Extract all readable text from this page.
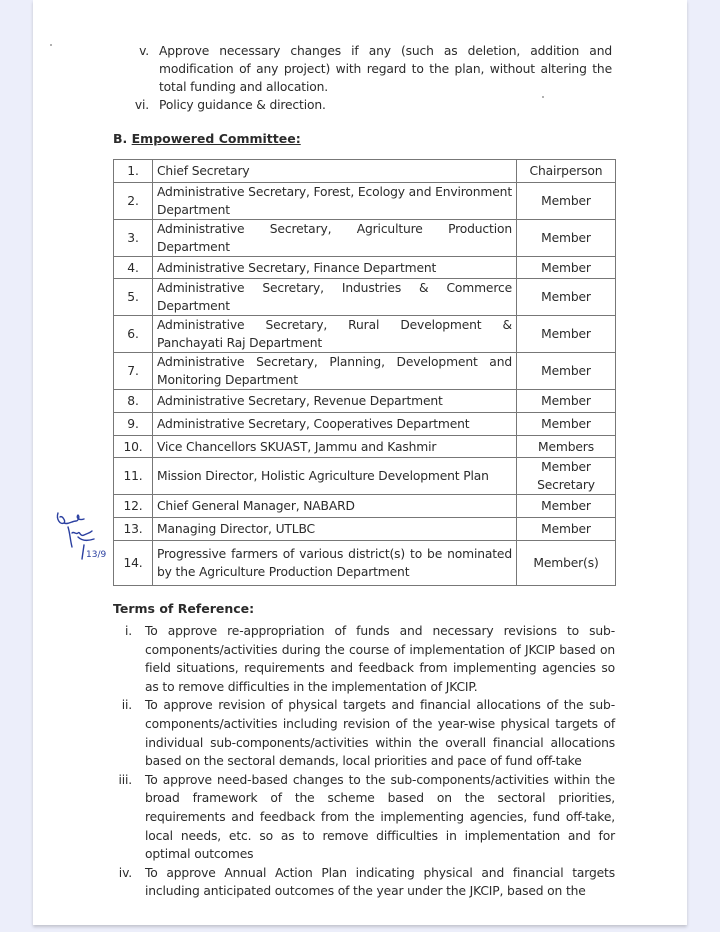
v. Approve necessary changes if any (such as deletion, addition and modification of any project) with regard to the plan, without altering the total funding and allocation.
vi. Policy guidance & direction.
B. Empowered Committee:
1.	Chief Secretary	Chairperson
2.	Administrative Secretary, Forest, Ecology and Environment Department	Member
3.	Administrative Secretary, Agriculture Production Department	Member
4.	Administrative Secretary, Finance Department	Member
5.	Administrative Secretary, Industries & Commerce Department	Member
6.	Administrative Secretary, Rural Development & Panchayati Raj Department	Member
7.	Administrative Secretary, Planning, Development and Monitoring Department	Member
8.	Administrative Secretary, Revenue Department	Member
9.	Administrative Secretary, Cooperatives Department	Member
10.	Vice Chancellors SKUAST, Jammu and Kashmir	Members
11.	Mission Director, Holistic Agriculture Development Plan	Member Secretary
12.	Chief General Manager, NABARD	Member
13.	Managing Director, UTLBC	Member
14.	Progressive farmers of various district(s) to be nominated by the Agriculture Production Department	Member(s)
13/9
Terms of Reference:
i.	To approve re-appropriation of funds and necessary revisions to sub-components/activities during the course of implementation of JKCIP based on field situations, requirements and feedback from implementing agencies so as to remove difficulties in the implementation of JKCIP.
ii.	To approve revision of physical targets and financial allocations of the sub-components/activities including revision of the year-wise physical targets of individual sub-components/activities within the overall financial allocations based on the sectoral demands, local priorities and pace of fund off-take
iii.	To approve need-based changes to the sub-components/activities within the broad framework of the scheme based on the sectoral priorities, requirements and feedback from the implementing agencies, fund off-take, local needs, etc. so as to remove difficulties in implementation and for optimal outcomes
iv.	To approve Annual Action Plan indicating physical and financial targets including anticipated outcomes of the year under the JKCIP, based on the
